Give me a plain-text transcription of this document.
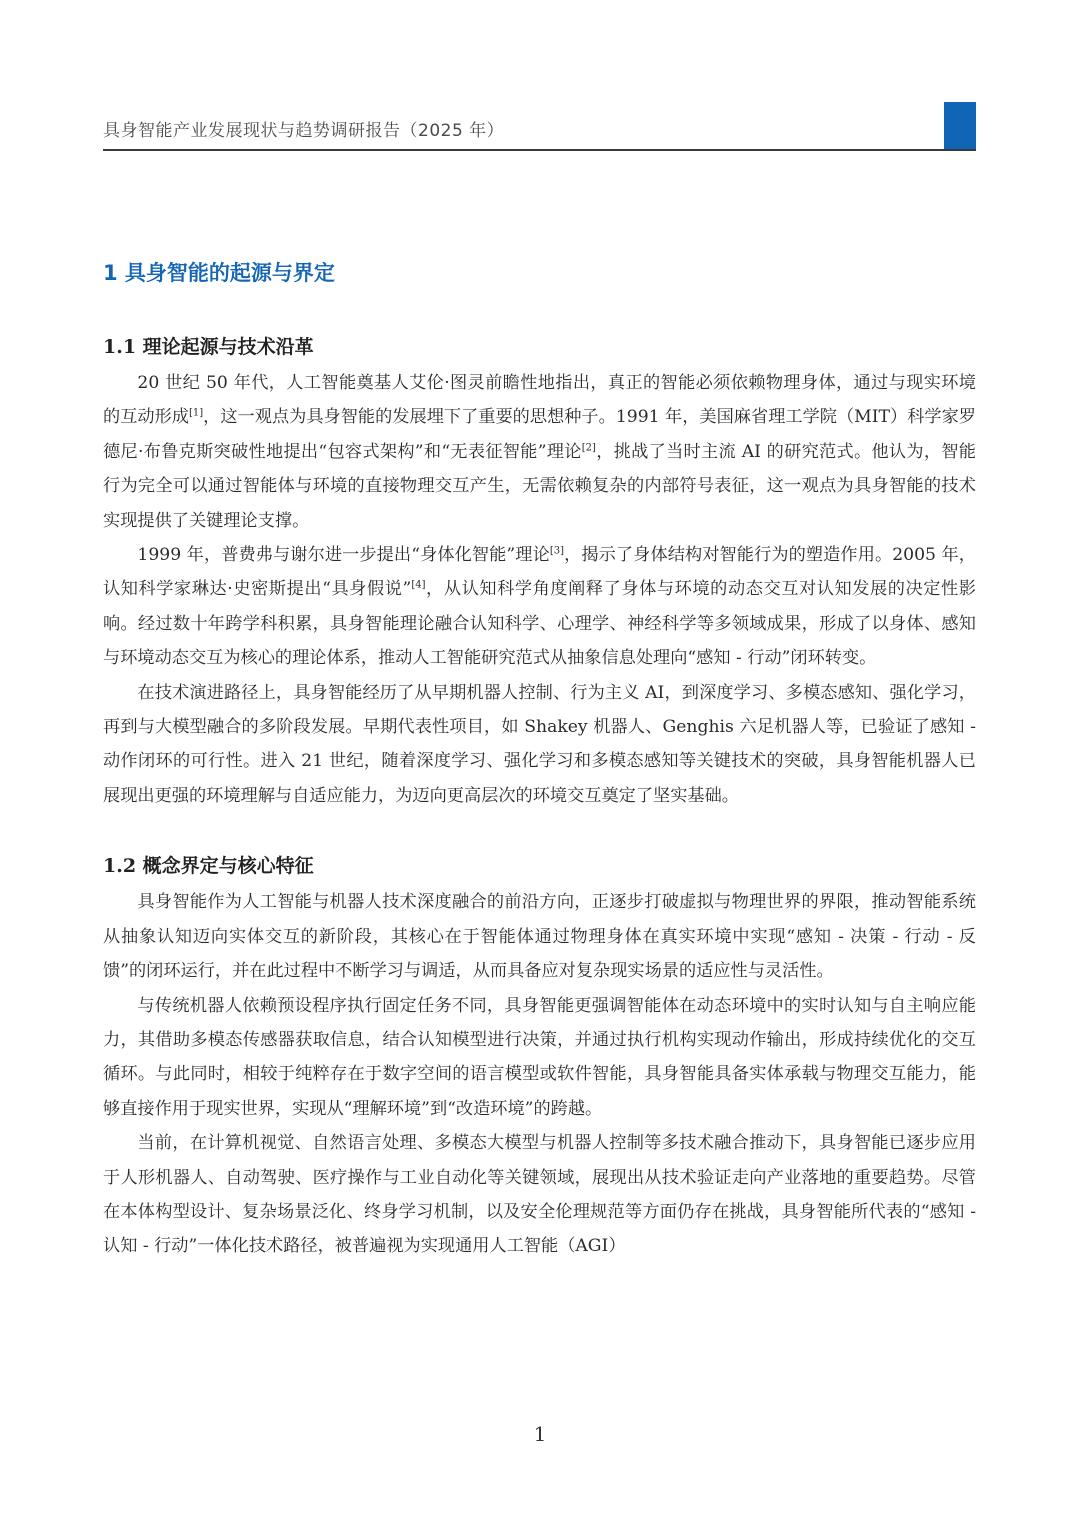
具身智能产业发展现状与趋势调研报告（2025 年）
1 具身智能的起源与界定
1.1 理论起源与技术沿革

20 世纪 50 年代，人工智能奠基人艾伦·图灵前瞻性地指出，真正的智能必须依赖物理身体，通过与现实环境的互动形成[1]，这一观点为具身智能的发展埋下了重要的思想种子。1991 年，美国麻省理工学院（MIT）科学家罗德尼·布鲁克斯突破性地提出“包容式架构”和“无表征智能”理论[2]，挑战了当时主流 AI 的研究范式。他认为，智能行为完全可以通过智能体与环境的直接物理交互产生，无需依赖复杂的内部符号表征，这一观点为具身智能的技术实现提供了关键理论支撑。

1999 年，普费弗与谢尔进一步提出“身体化智能”理论[3]，揭示了身体结构对智能行为的塑造作用。2005 年，认知科学家琳达·史密斯提出“具身假说”[4]，从认知科学角度阐释了身体与环境的动态交互对认知发展的决定性影响。经过数十年跨学科积累，具身智能理论融合认知科学、心理学、神经科学等多领域成果，形成了以身体、感知与环境动态交互为核心的理论体系，推动人工智能研究范式从抽象信息处理向“感知 - 行动”闭环转变。

在技术演进路径上，具身智能经历了从早期机器人控制、行为主义 AI，到深度学习、多模态感知、强化学习，再到与大模型融合的多阶段发展。早期代表性项目，如 Shakey 机器人、Genghis 六足机器人等，已验证了感知 - 动作闭环的可行性。进入 21 世纪，随着深度学习、强化学习和多模态感知等关键技术的突破，具身智能机器人已展现出更强的环境理解与自适应能力，为迈向更高层次的环境交互奠定了坚实基础。

1.2 概念界定与核心特征

具身智能作为人工智能与机器人技术深度融合的前沿方向，正逐步打破虚拟与物理世界的界限，推动智能系统从抽象认知迈向实体交互的新阶段，其核心在于智能体通过物理身体在真实环境中实现“感知 - 决策 - 行动 - 反馈”的闭环运行，并在此过程中不断学习与调适，从而具备应对复杂现实场景的适应性与灵活性。

与传统机器人依赖预设程序执行固定任务不同，具身智能更强调智能体在动态环境中的实时认知与自主响应能力，其借助多模态传感器获取信息，结合认知模型进行决策，并通过执行机构实现动作输出，形成持续优化的交互循环。与此同时，相较于纯粹存在于数字空间的语言模型或软件智能，具身智能具备实体承载与物理交互能力，能够直接作用于现实世界，实现从“理解环境”到“改造环境”的跨越。

当前，在计算机视觉、自然语言处理、多模态大模型与机器人控制等多技术融合推动下，具身智能已逐步应用于人形机器人、自动驾驶、医疗操作与工业自动化等关键领域，展现出从技术验证走向产业落地的重要趋势。尽管在本体构型设计、复杂场景泛化、终身学习机制，以及安全伦理规范等方面仍存在挑战，具身智能所代表的“感知 - 认知 - 行动”一体化技术路径，被普遍视为实现通用人工智能（AGI）

1
